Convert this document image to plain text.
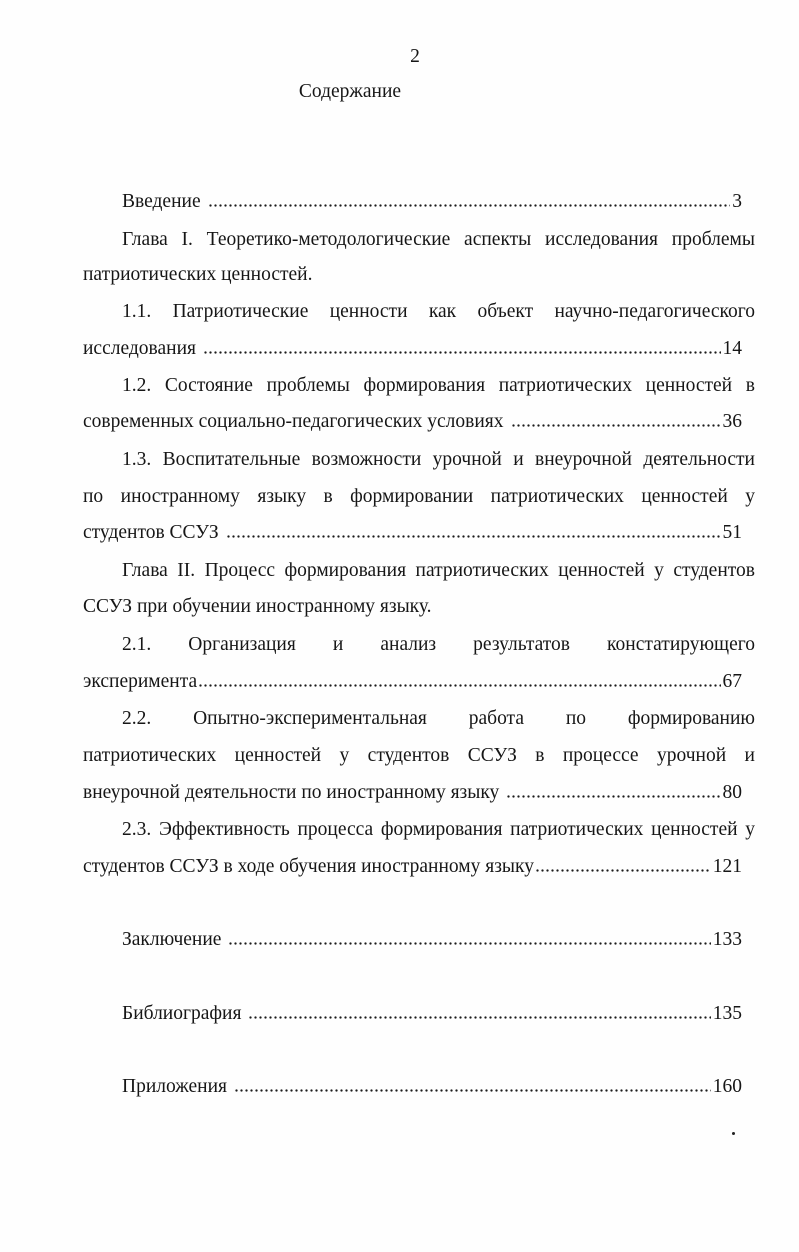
2
Содержание
Введение	3
Глава I. Теоретико-методологические аспекты исследования проблемы
патриотических ценностей.
1.1. Патриотические ценности как объект научно-педагогического
исследования	14
1.2. Состояние проблемы формирования патриотических ценностей в
современных социально-педагогических условиях	36
1.3. Воспитательные возможности урочной и внеурочной деятельности
по иностранному языку в формировании патриотических ценностей у
студентов ССУЗ	51
Глава II. Процесс формирования патриотических ценностей у студентов
ССУЗ при обучении иностранному языку.
2.1. Организация и анализ результатов констатирующего
эксперимента	67
2.2. Опытно-экспериментальная работа по формированию
патриотических ценностей у студентов ССУЗ в процессе урочной и
внеурочной деятельности по иностранному языку	80
2.3. Эффективность процесса формирования патриотических ценностей у
студентов ССУЗ в ходе обучения иностранному языку	121
Заключение	133
Библиография	135
Приложения	160
